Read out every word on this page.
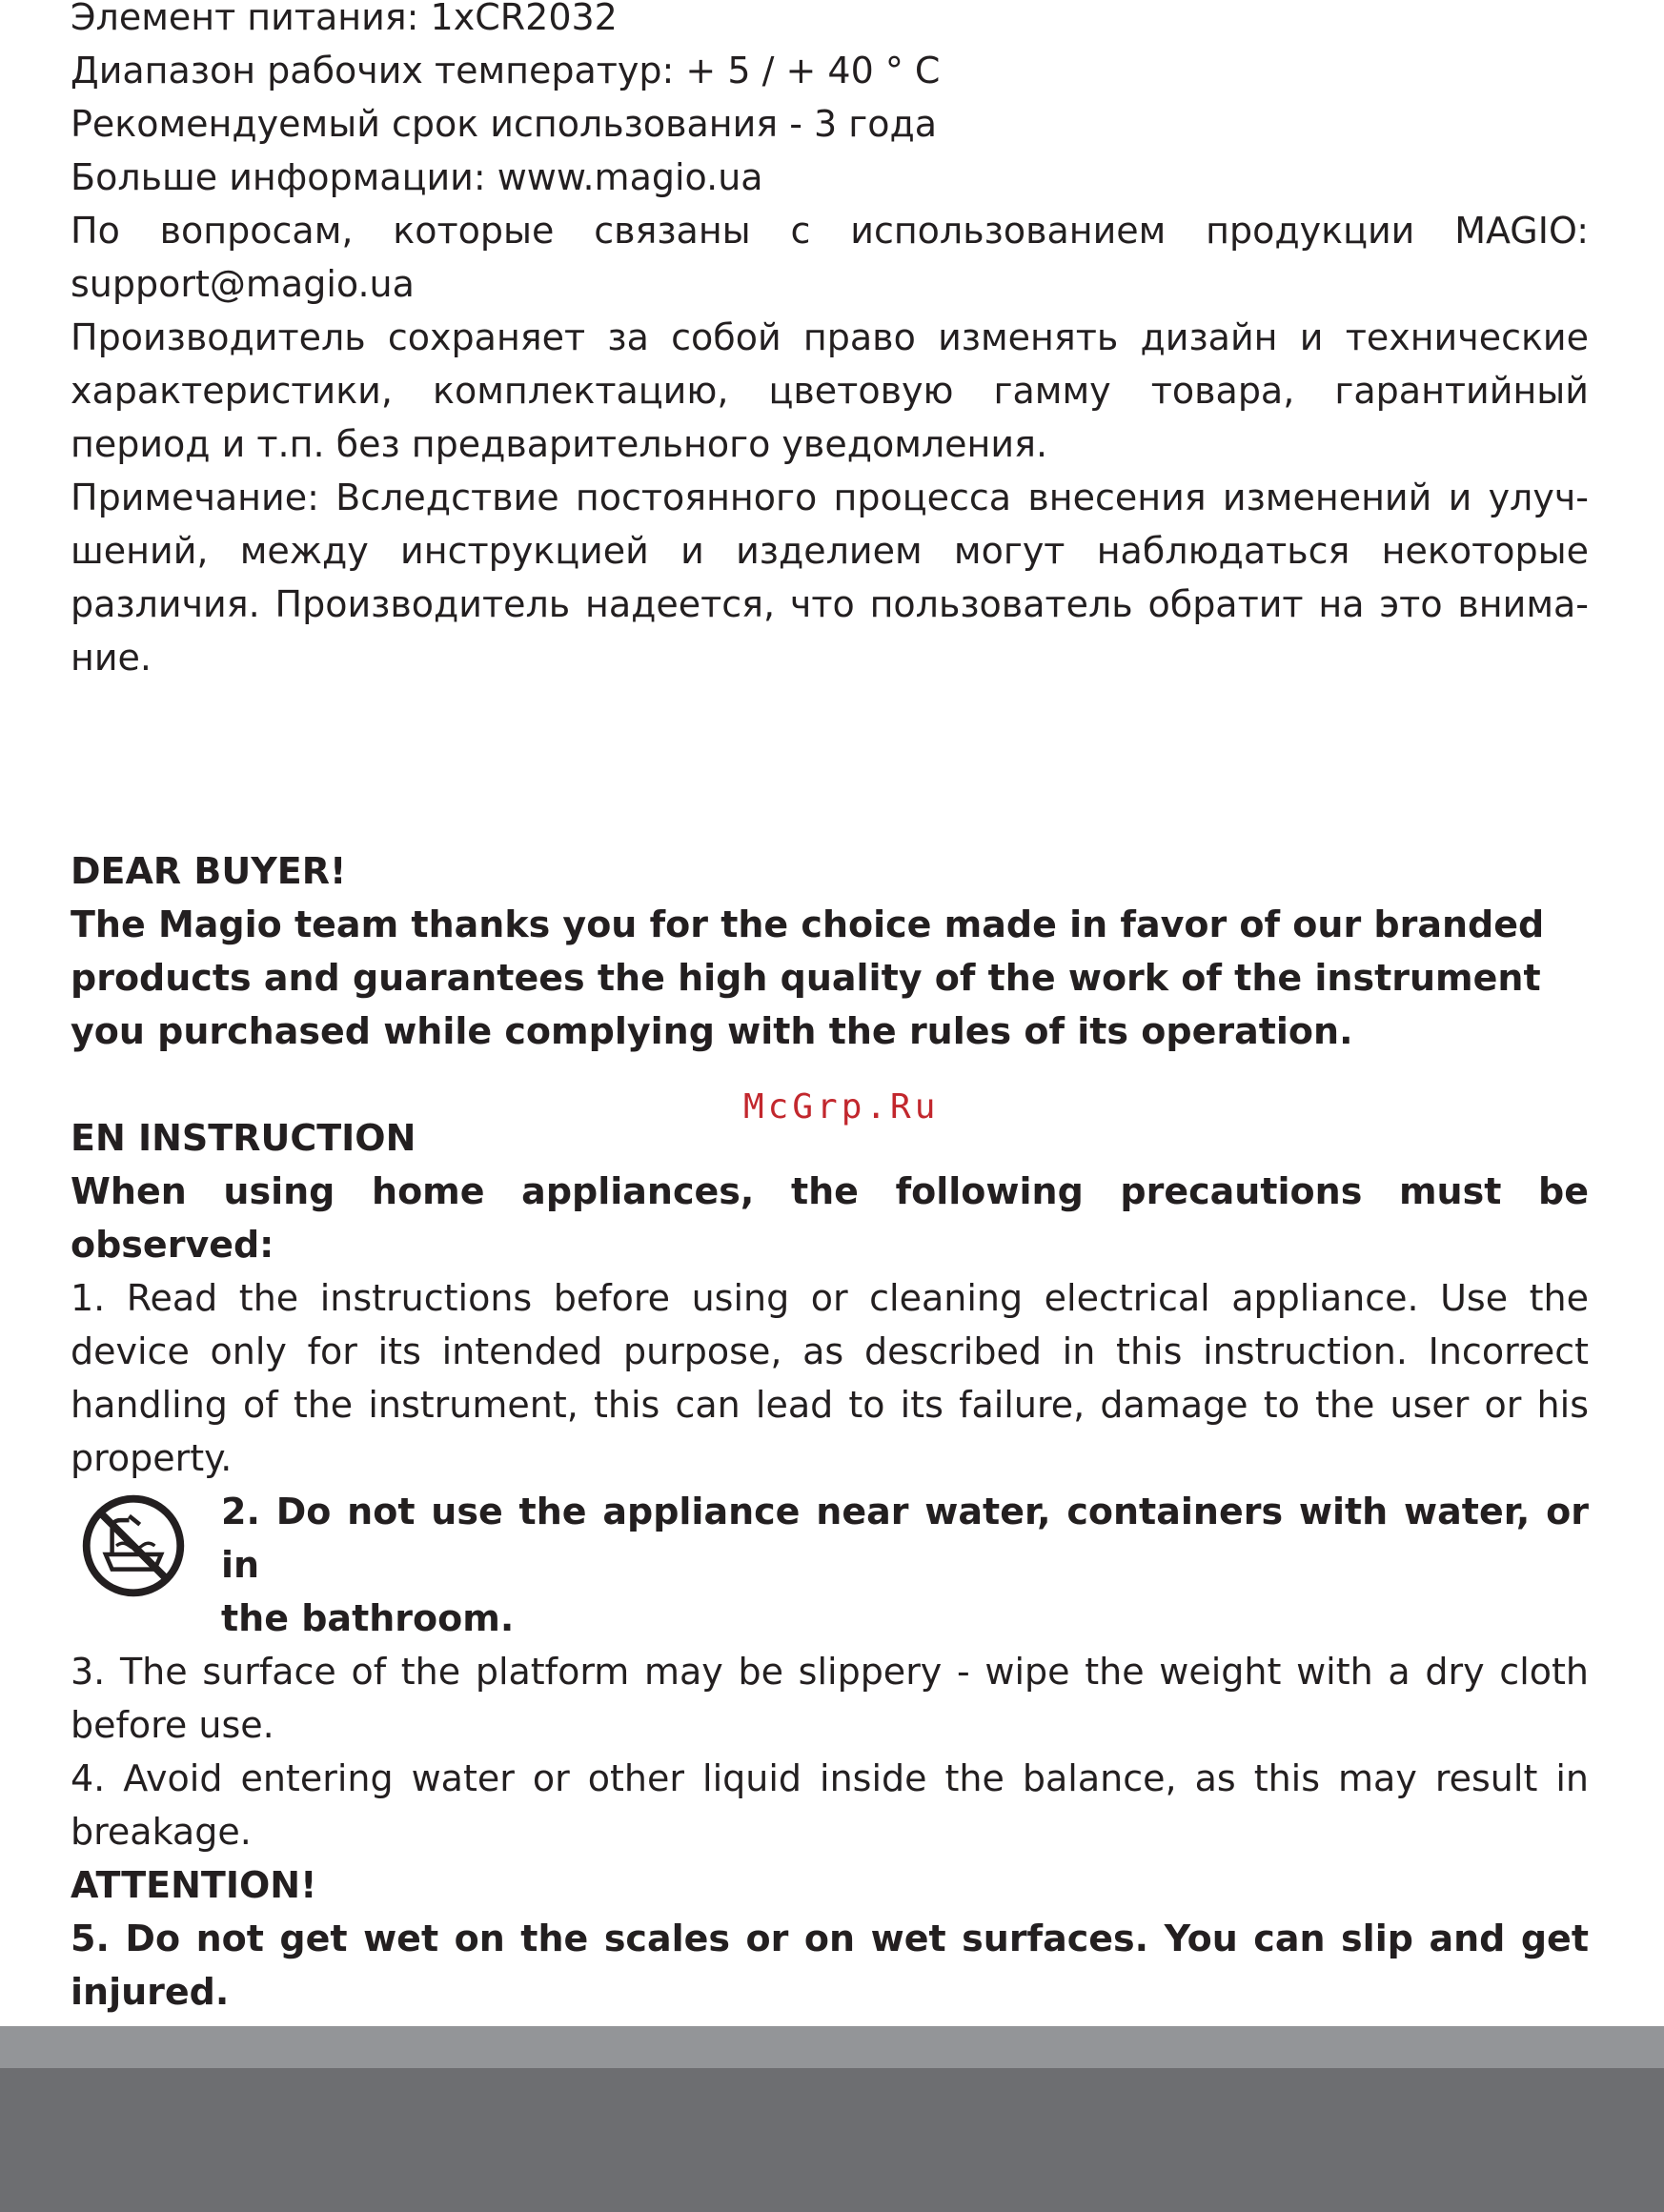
Элемент питания: 1xCR2032
Диапазон рабочих температур: + 5 / + 40 ° С
Рекомендуемый срок использования - 3 года
Больше информации: www.magio.ua
По вопросам, которые связаны с использованием продукции MAGIO:
support@magio.ua
Производитель сохраняет за собой право изменять дизайн и технические
характеристики, комплектацию, цветовую гамму товара, гарантийный
период и т.п. без предварительного уведомления.
Примечание: Вследствие постоянного процесса внесения изменений и улуч-
шений, между инструкцией и изделием могут наблюдаться некоторые
различия. Производитель надеется, что пользователь обратит на это внима-
ние.
DEAR BUYER!
The Magio team thanks you for the choice made in favor of our branded
products and guarantees the high quality of the work of the instrument
you purchased while complying with the rules of its operation.
EN INSTRUCTION
When using home appliances, the following precautions must be observed:
1. Read the instructions before using or cleaning electrical appliance. Use the
device only for its intended purpose, as described in this instruction. Incorrect
handling of the instrument, this can lead to its failure, damage to the user or his
property.
2. Do not use the appliance near water, containers with water, or in
the bathroom.
3. The surface of the platform may be slippery - wipe the weight with a dry cloth
before use.
4. Avoid entering water or other liquid inside the balance, as this may result in
breakage.
ATTENTION!
5. Do not get wet on the scales or on wet surfaces. You can slip and get
injured.
McGrp.Ru
